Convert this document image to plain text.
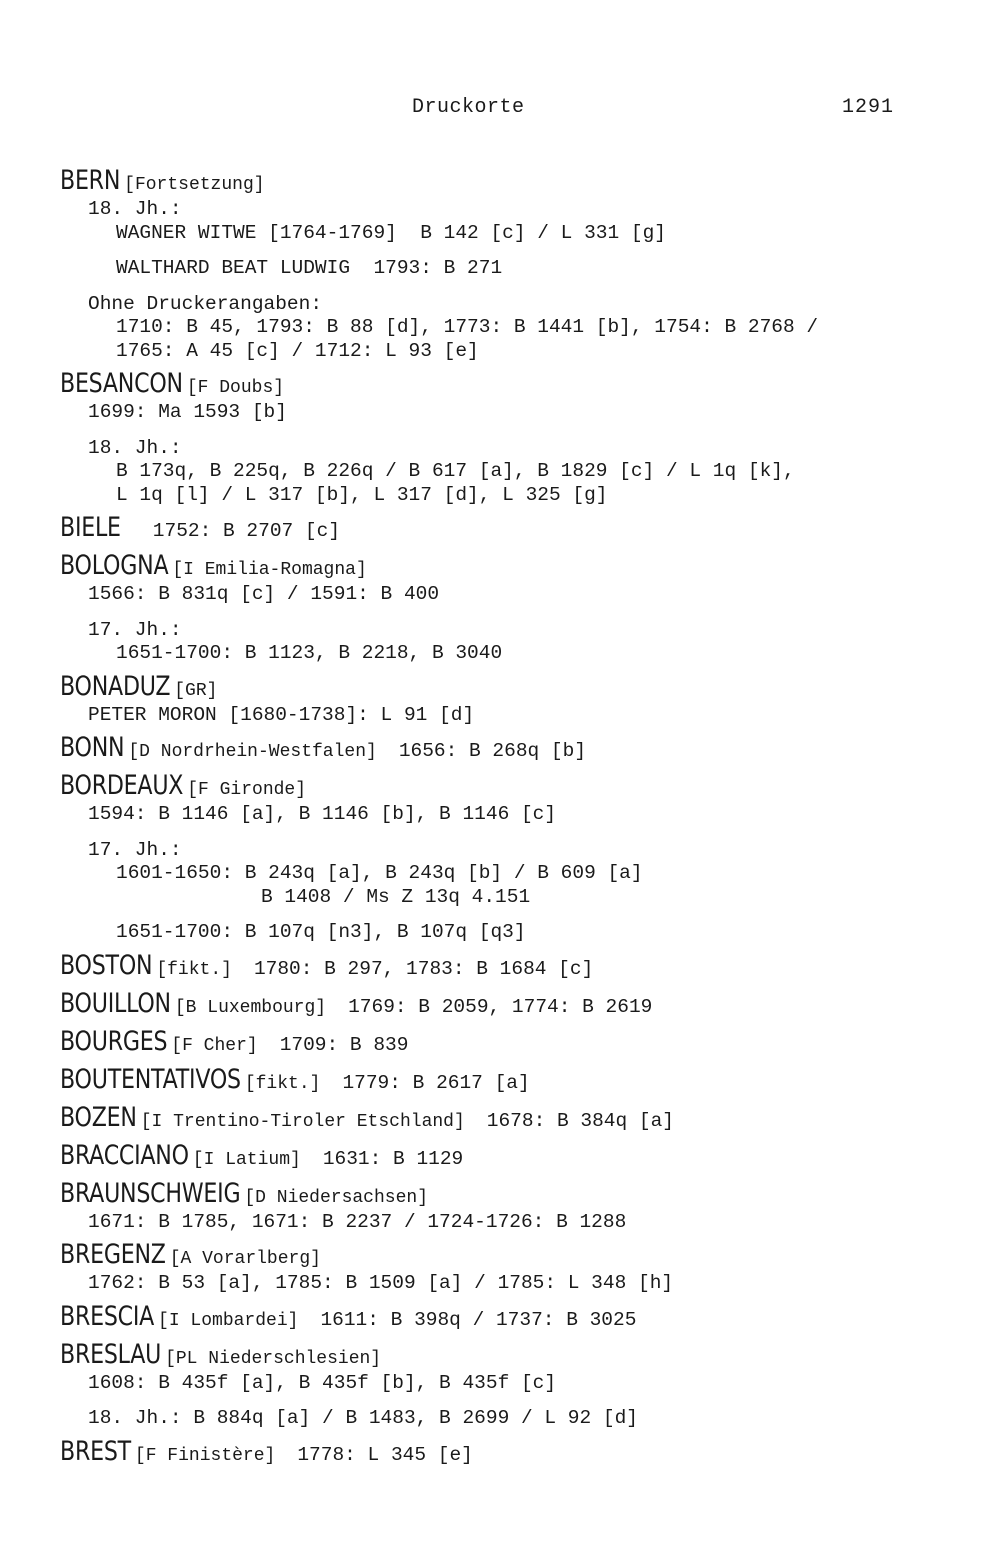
Druckorte	1291
BERN [Fortsetzung]
18. Jh.:
WAGNER WITWE [1764-1769]  B 142 [c] / L 331 [g]
WALTHARD BEAT LUDWIG  1793: B 271
Ohne Druckerangaben:
1710: B 45, 1793: B 88 [d], 1773: B 1441 [b], 1754: B 2768 /
1765: A 45 [c] / 1712: L 93 [e]
BESANCON [F Doubs]
1699: Ma 1593 [b]
18. Jh.:
B 173q, B 225q, B 226q / B 617 [a], B 1829 [c] / L 1q [k],
L 1q [l] / L 317 [b], L 317 [d], L 325 [g]
BIELE	1752: B 2707 [c]
BOLOGNA [I Emilia-Romagna]
1566: B 831q [c] / 1591: B 400
17. Jh.:
1651-1700: B 1123, B 2218, B 3040
BONADUZ [GR]
PETER MORON [1680-1738]: L 91 [d]
BONN [D Nordrhein-Westfalen] 1656: B 268q [b]
BORDEAUX [F Gironde]
1594: B 1146 [a], B 1146 [b], B 1146 [c]
17. Jh.:
1601-1650: B 243q [a], B 243q [b] / B 609 [a]
B 1408 / Ms Z 13q 4.151
1651-1700: B 107q [n3], B 107q [q3]
BOSTON [fikt.] 1780: B 297, 1783: B 1684 [c]
BOUILLON [B Luxembourg] 1769: B 2059, 1774: B 2619
BOURGES [F Cher] 1709: B 839
BOUTENTATIVOS [fikt.] 1779: B 2617 [a]
BOZEN [I Trentino-Tiroler Etschland] 1678: B 384q [a]
BRACCIANO [I Latium] 1631: B 1129
BRAUNSCHWEIG [D Niedersachsen]
1671: B 1785, 1671: B 2237 / 1724-1726: B 1288
BREGENZ [A Vorarlberg]
1762: B 53 [a], 1785: B 1509 [a] / 1785: L 348 [h]
BRESCIA [I Lombardei] 1611: B 398q / 1737: B 3025
BRESLAU [PL Niederschlesien]
1608: B 435f [a], B 435f [b], B 435f [c]
18. Jh.: B 884q [a] / B 1483, B 2699 / L 92 [d]
BREST [F Finistère] 1778: L 345 [e]
